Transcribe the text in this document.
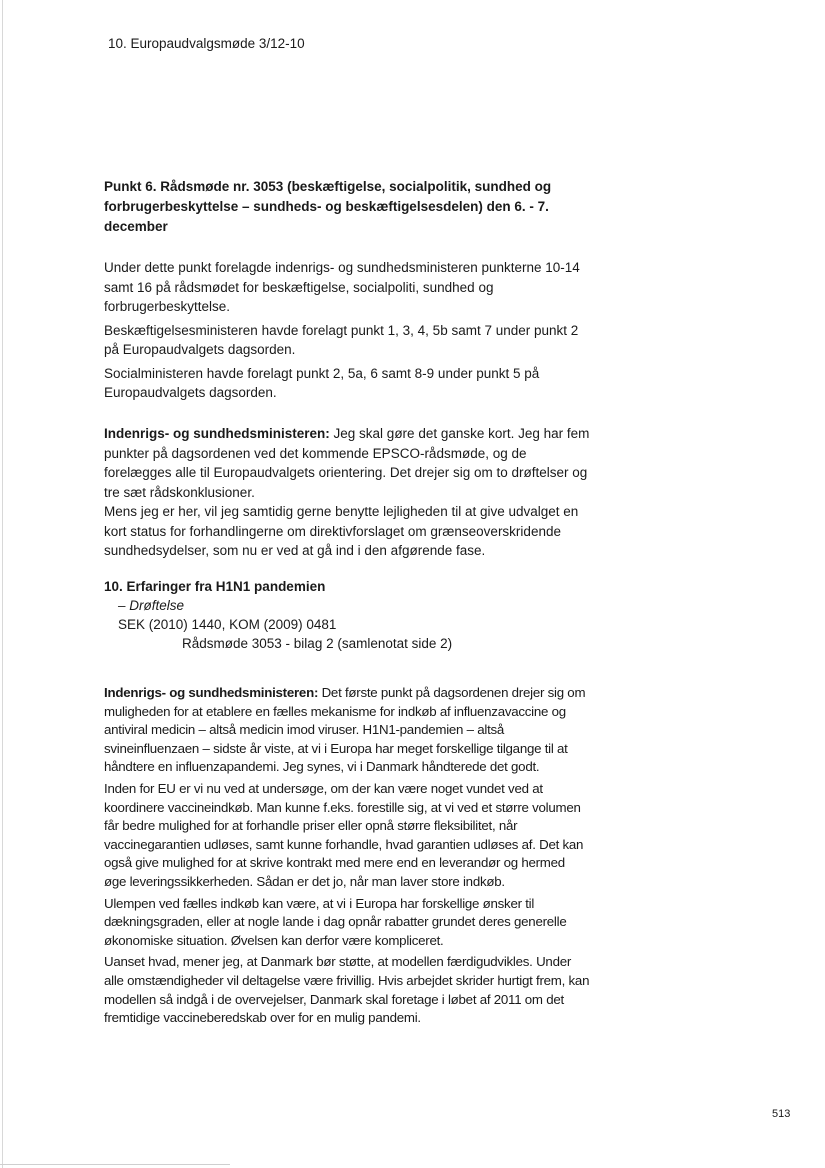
10. Europaudvalgsmøde 3/12-10
Punkt 6. Rådsmøde nr. 3053 (beskæftigelse, socialpolitik, sundhed og forbrugerbeskyttelse – sundheds- og beskæftigelsesdelen) den 6. - 7. december

Under dette punkt forelagde indenrigs- og sundhedsministeren punkterne 10-14 samt 16 på rådsmødet for beskæftigelse, socialpoliti, sundhed og forbrugerbeskyttelse.

Beskæftigelsesministeren havde forelagt punkt 1, 3, 4, 5b samt 7 under punkt 2 på Europaudvalgets dagsorden.

Socialministeren havde forelagt punkt 2, 5a, 6 samt 8-9 under punkt 5 på Europaudvalgets dagsorden.

Indenrigs- og sundhedsministeren: Jeg skal gøre det ganske kort. Jeg har fem punkter på dagsordenen ved det kommende EPSCO-rådsmøde, og de forelægges alle til Europaudvalgets orientering. Det drejer sig om to drøftelser og tre sæt rådskonklusioner.

Mens jeg er her, vil jeg samtidig gerne benytte lejligheden til at give udvalget en kort status for forhandlingerne om direktivforslaget om grænseoverskridende sundhedsydelser, som nu er ved at gå ind i den afgørende fase.

10. Erfaringer fra H1N1 pandemien
– Drøftelse
SEK (2010) 1440, KOM (2009) 0481
Rådsmøde 3053 - bilag 2 (samlenotat side 2)

Indenrigs- og sundhedsministeren: Det første punkt på dagsordenen drejer sig om muligheden for at etablere en fælles mekanisme for indkøb af influenzavaccine og antiviral medicin – altså medicin imod viruser. H1N1-pandemien – altså svineinfluenzaen – sidste år viste, at vi i Europa har meget forskellige tilgange til at håndtere en influenzapandemi. Jeg synes, vi i Danmark håndterede det godt.

Inden for EU er vi nu ved at undersøge, om der kan være noget vundet ved at koordinere vaccineindkøb. Man kunne f.eks. forestille sig, at vi ved et større volumen får bedre mulighed for at forhandle priser eller opnå større fleksibilitet, når vaccinegarantien udløses, samt kunne forhandle, hvad garantien udløses af. Det kan også give mulighed for at skrive kontrakt med mere end en leverandør og hermed øge leveringssikkerheden. Sådan er det jo, når man laver store indkøb.

Ulempen ved fælles indkøb kan være, at vi i Europa har forskellige ønsker til dækningsgraden, eller at nogle lande i dag opnår rabatter grundet deres generelle økonomiske situation. Øvelsen kan derfor være kompliceret.

Uanset hvad, mener jeg, at Danmark bør støtte, at modellen færdigudvikles. Under alle omstændigheder vil deltagelse være frivillig. Hvis arbejdet skrider hurtigt frem, kan modellen så indgå i de overvejelser, Danmark skal foretage i løbet af 2011 om det fremtidige vaccineberedskab over for en mulig pandemi.

513
